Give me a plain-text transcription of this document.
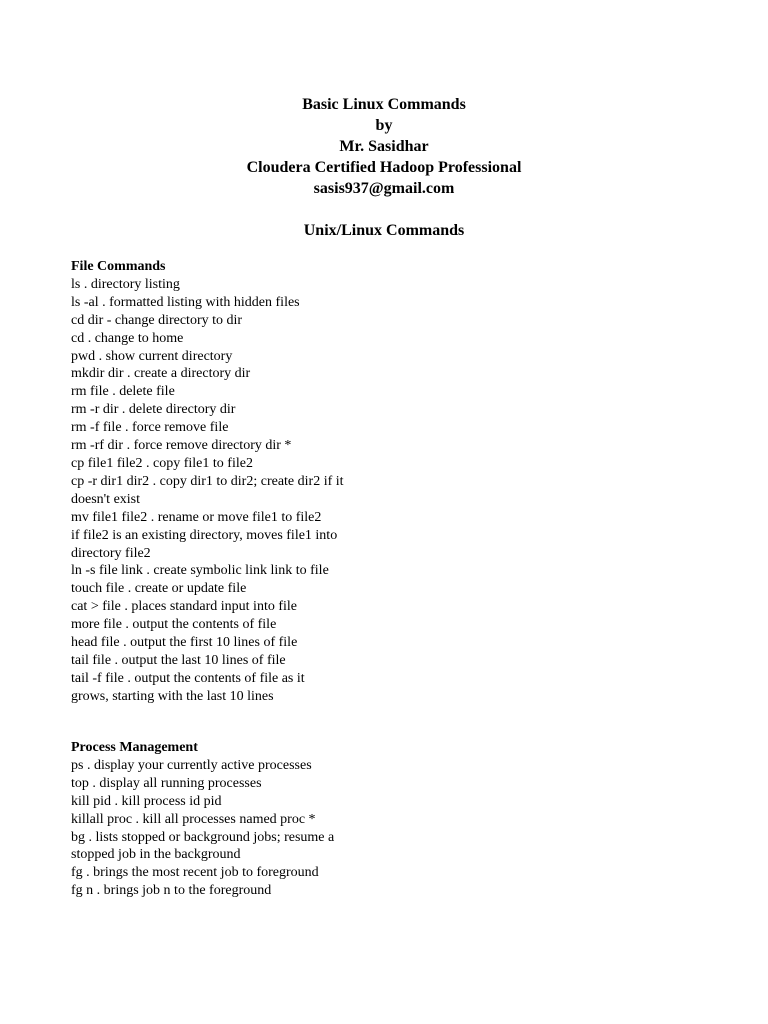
Basic Linux Commands
by
Mr. Sasidhar
Cloudera Certified Hadoop Professional
sasis937@gmail.com
Unix/Linux Commands
File Commands
ls . directory listing
ls -al . formatted listing with hidden files
cd dir - change directory to dir
cd . change to home
pwd . show current directory
mkdir dir . create a directory dir
rm file . delete file
rm -r dir . delete directory dir
rm -f file . force remove file
rm -rf dir . force remove directory dir *
cp file1 file2 . copy file1 to file2
cp -r dir1 dir2 . copy dir1 to dir2; create dir2 if it
doesn't exist
mv file1 file2 . rename or move file1 to file2
if file2 is an existing directory, moves file1 into
directory file2
ln -s file link . create symbolic link link to file
touch file . create or update file
cat > file . places standard input into file
more file . output the contents of file
head file . output the first 10 lines of file
tail file . output the last 10 lines of file
tail -f file . output the contents of file as it
grows, starting with the last 10 lines
Process Management
ps . display your currently active processes
top . display all running processes
kill pid . kill process id pid
killall proc . kill all processes named proc *
bg . lists stopped or background jobs; resume a
stopped job in the background
fg . brings the most recent job to foreground
fg n . brings job n to the foreground
